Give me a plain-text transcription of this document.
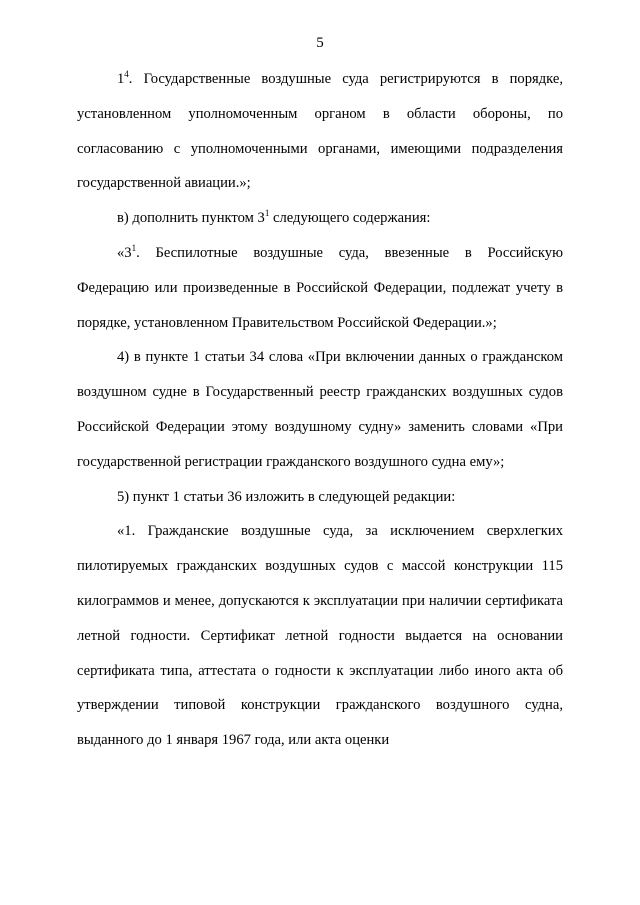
5

$1^4$. Государственные воздушные суда регистрируются в порядке, установленном уполномоченным органом в области обороны, по согласованию с уполномоченными органами, имеющими подразделения государственной авиации.»;

в) дополнить пунктом $3^1$ следующего содержания:

«$3^1$. Беспилотные воздушные суда, ввезенные в Российскую Федерацию или произведенные в Российской Федерации, подлежат учету в порядке, установленном Правительством Российской Федерации.»;

4) в пункте 1 статьи 34 слова «При включении данных о гражданском воздушном судне в Государственный реестр гражданских воздушных судов Российской Федерации этому воздушному судну» заменить словами «При государственной регистрации гражданского воздушного судна ему»;

5) пункт 1 статьи 36 изложить в следующей редакции:

«1. Гражданские воздушные суда, за исключением сверхлегких пилотируемых гражданских воздушных судов с массой конструкции 115 килограммов и менее, допускаются к эксплуатации при наличии сертификата летной годности. Сертификат летной годности выдается на основании сертификата типа, аттестата о годности к эксплуатации либо иного акта об утверждении типовой конструкции гражданского воздушного судна, выданного до 1 января 1967 года, или акта оценки
